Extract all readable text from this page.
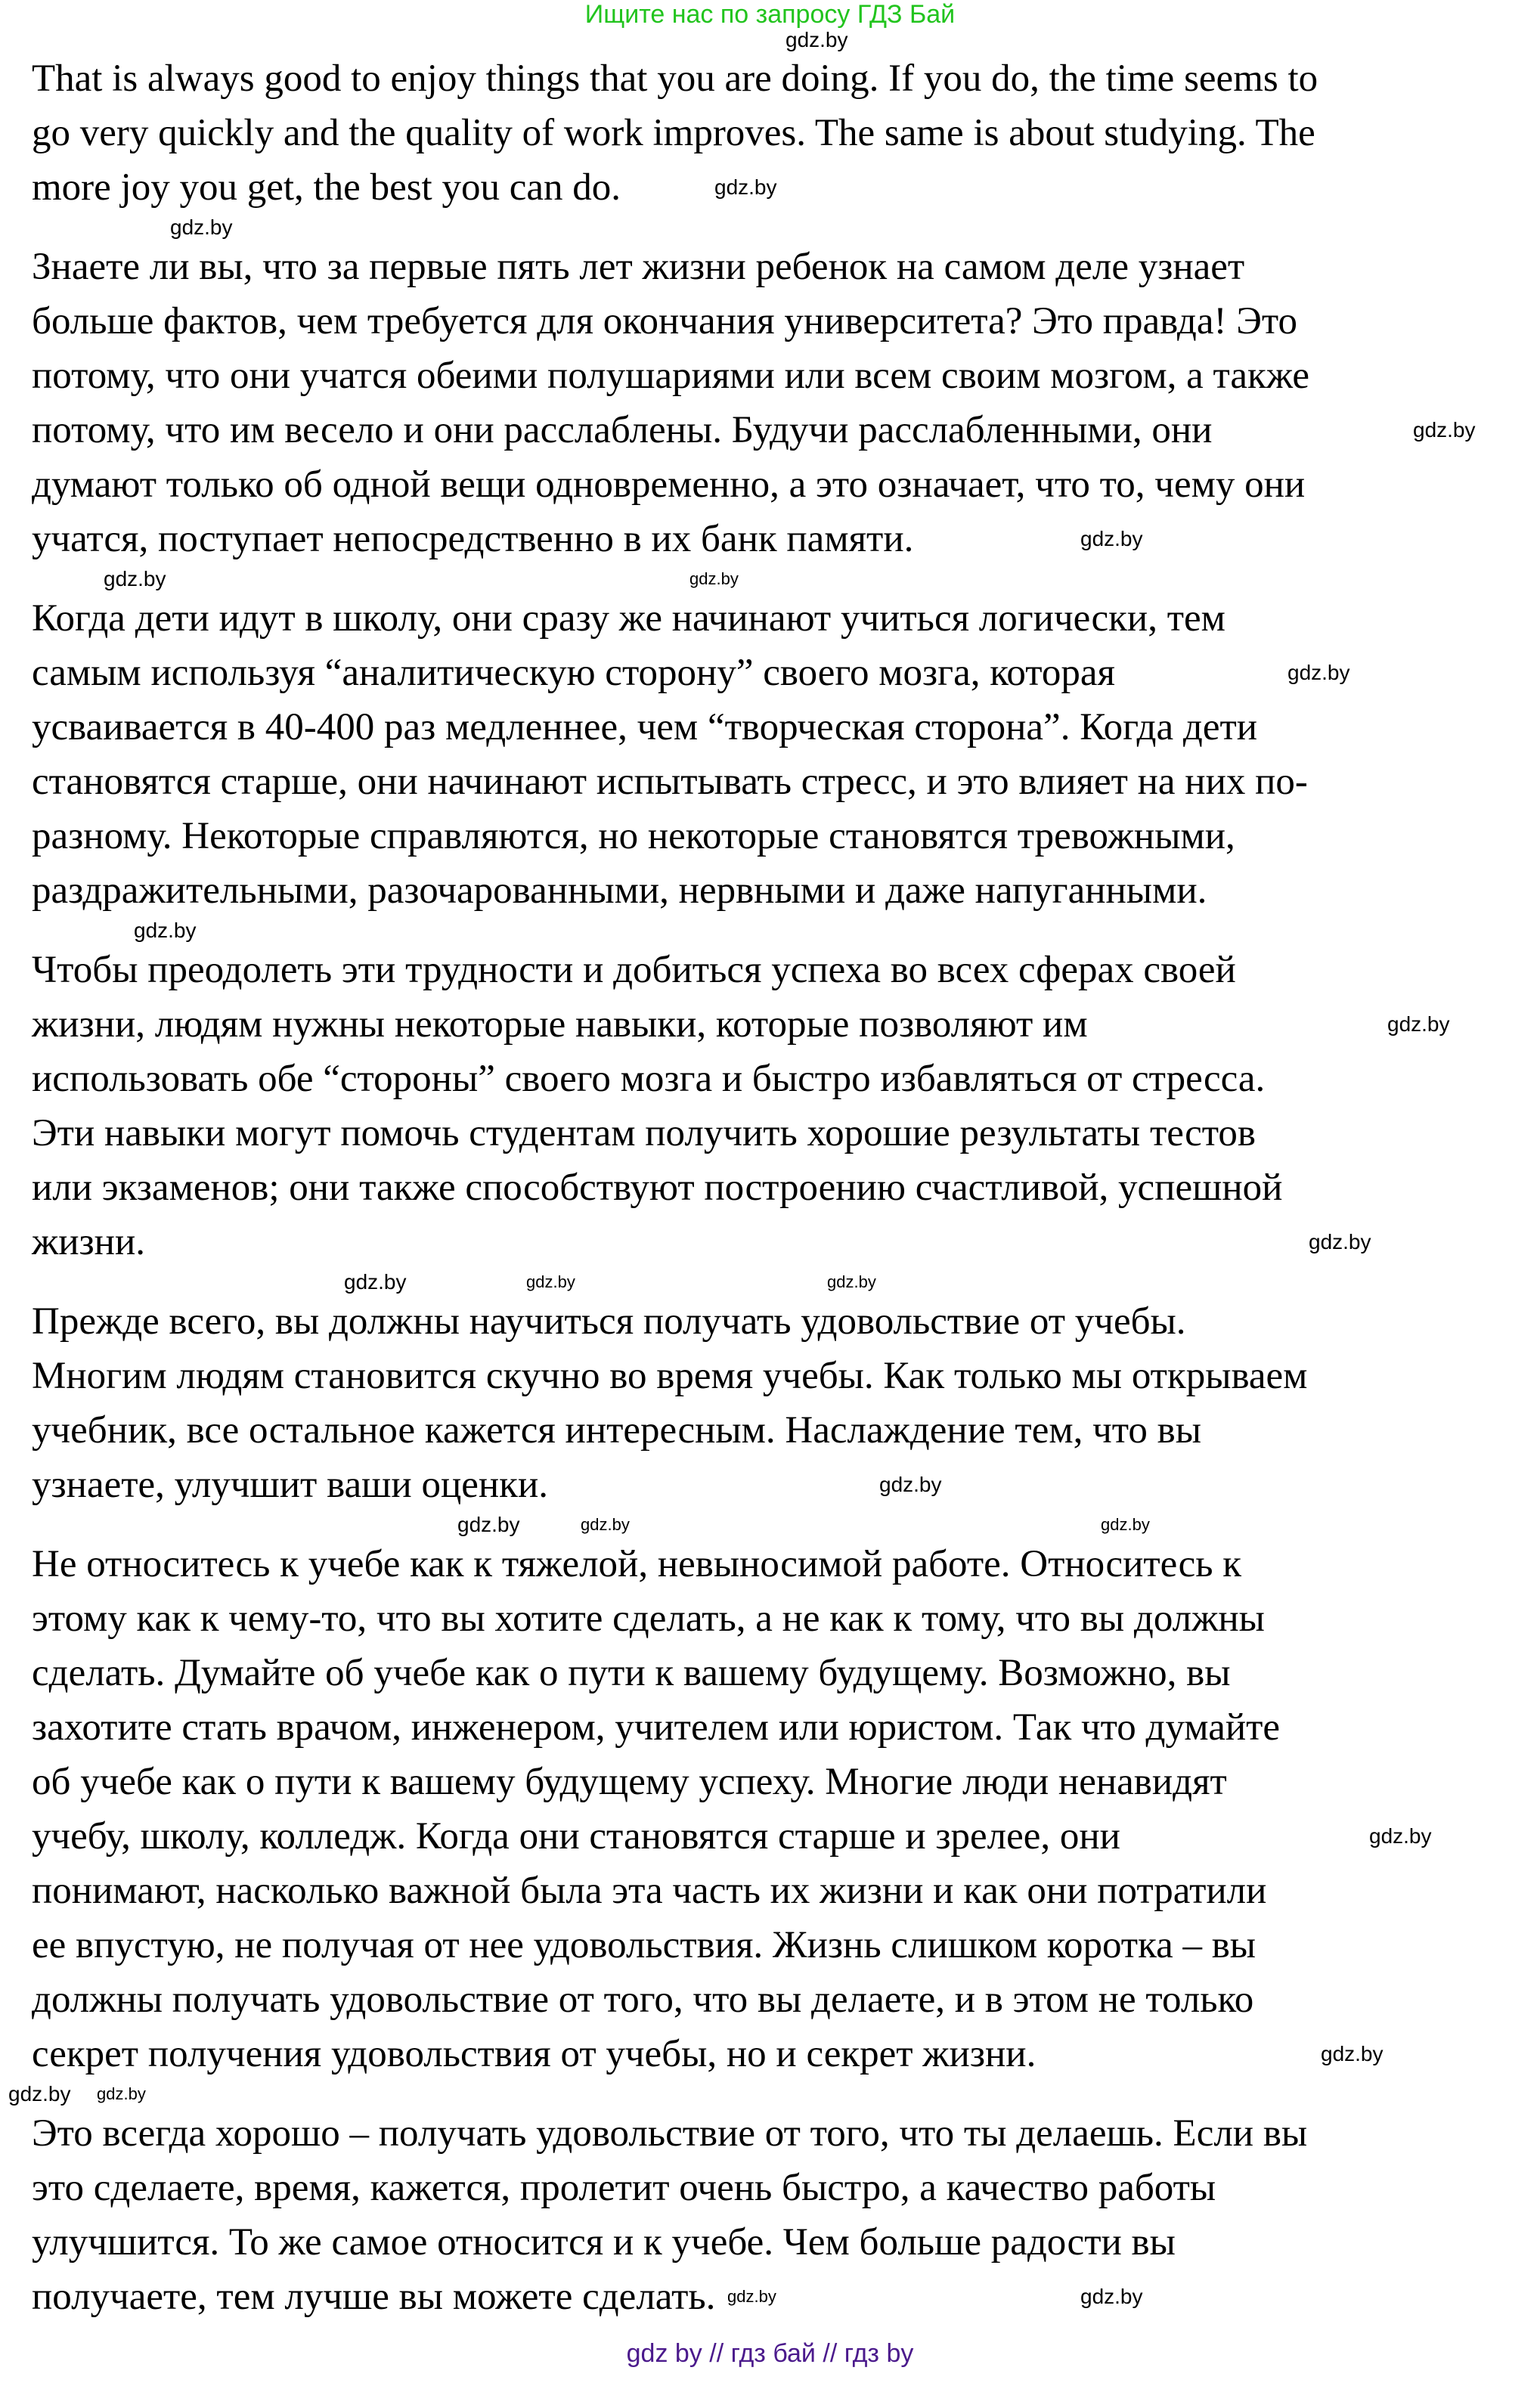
Ищите нас по запросу ГДЗ Бай
That is always good to enjoy things that you are doing. If you do, the time seems to
go very quickly and the quality of work improves. The same is about studying. The
more joy you get, the best you can do.
Знаете ли вы, что за первые пять лет жизни ребенок на самом деле узнает
больше фактов, чем требуется для окончания университета? Это правда! Это
потому, что они учатся обеими полушариями или всем своим мозгом, а также
потому, что им весело и они расслаблены. Будучи расслабленными, они
думают только об одной вещи одновременно, а это означает, что то, чему они
учатся, поступает непосредственно в их банк памяти.
Когда дети идут в школу, они сразу же начинают учиться логически, тем
самым используя “аналитическую сторону” своего мозга, которая
усваивается в 40-400 раз медленнее, чем “творческая сторона”. Когда дети
становятся старше, они начинают испытывать стресс, и это влияет на них по-
разному. Некоторые справляются, но некоторые становятся тревожными,
раздражительными, разочарованными, нервными и даже напуганными.
Чтобы преодолеть эти трудности и добиться успеха во всех сферах своей
жизни, людям нужны некоторые навыки, которые позволяют им
использовать обе “стороны” своего мозга и быстро избавляться от стресса.
Эти навыки могут помочь студентам получить хорошие результаты тестов
или экзаменов; они также способствуют построению счастливой, успешной
жизни.
Прежде всего, вы должны научиться получать удовольствие от учебы.
Многим людям становится скучно во время учебы. Как только мы открываем
учебник, все остальное кажется интересным. Наслаждение тем, что вы
узнаете, улучшит ваши оценки.
Не относитесь к учебе как к тяжелой, невыносимой работе. Относитесь к
этому как к чему-то, что вы хотите сделать, а не как к тому, что вы должны
сделать. Думайте об учебе как о пути к вашему будущему. Возможно, вы
захотите стать врачом, инженером, учителем или юристом. Так что думайте
об учебе как о пути к вашему будущему успеху. Многие люди ненавидят
учебу, школу, колледж. Когда они становятся старше и зрелее, они
понимают, насколько важной была эта часть их жизни и как они потратили
ее впустую, не получая от нее удовольствия. Жизнь слишком коротка – вы
должны получать удовольствие от того, что вы делаете, и в этом не только
секрет получения удовольствия от учебы, но и секрет жизни.
Это всегда хорошо – получать удовольствие от того, что ты делаешь. Если вы
это сделаете, время, кажется, пролетит очень быстро, а качество работы
улучшится. То же самое относится и к учебе. Чем больше радости вы
получаете, тем лучше вы можете сделать.
gdz.by
gdz.by
gdz.by
gdz.by
gdz.by
gdz.by
gdz.by
gdz.by
gdz.by
gdz.by
gdz.by	gdz.by
gdz.by
gdz.by
gdz.by
gdz.by	gdz.by
gdz.by
gdz.by
gdz.by
gdz.by
gdz.by
gdz.by	gdz.by
gdz by // гдз бай // гдз by
